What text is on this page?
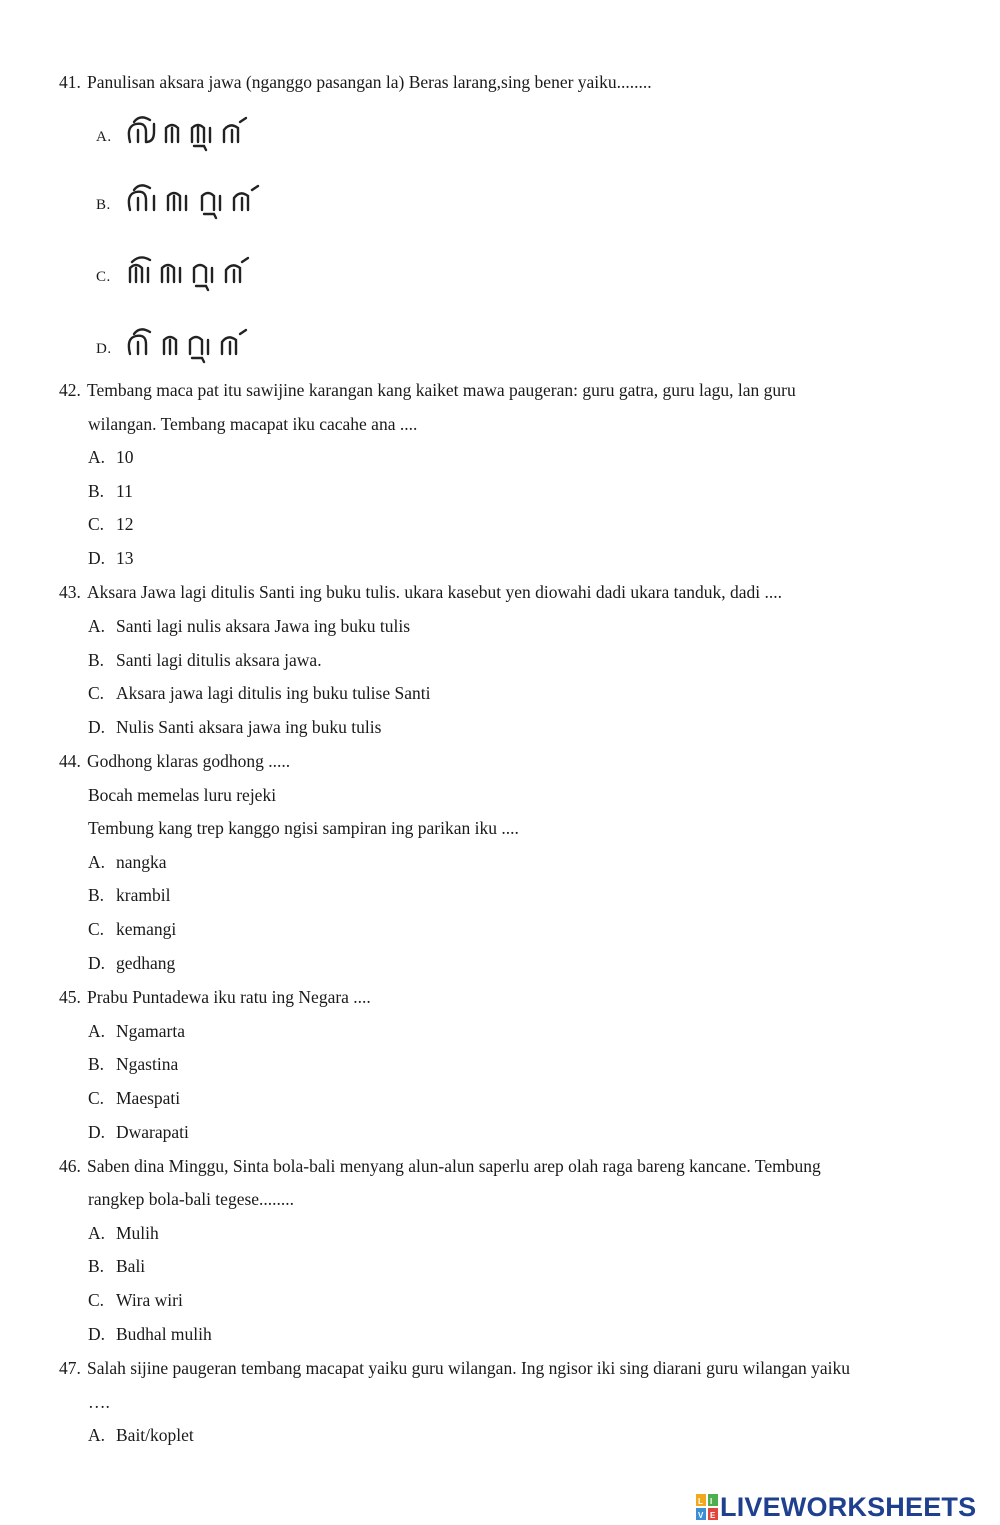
41. Panulisan aksara jawa (nganggo pasangan la) Beras larang,sing bener yaiku........
A.
B.
C.
D.
42. Tembang maca pat itu sawijine karangan kang kaiket mawa paugeran: guru gatra, guru lagu, lan guru
wilangan. Tembang macapat iku cacahe ana ....
A. 10
B. 11
C. 12
D. 13
43. Aksara Jawa lagi ditulis Santi ing buku tulis. ukara kasebut yen diowahi dadi ukara tanduk, dadi ....
A. Santi lagi nulis aksara Jawa ing buku tulis
B. Santi lagi ditulis aksara jawa.
C. Aksara jawa lagi ditulis ing buku tulise Santi
D. Nulis Santi aksara jawa ing buku tulis
44. Godhong klaras godhong .....
Bocah memelas luru rejeki
Tembung kang trep kanggo ngisi sampiran ing parikan iku ....
A. nangka
B. krambil
C. kemangi
D. gedhang
45. Prabu Puntadewa iku ratu ing Negara ....
A. Ngamarta
B. Ngastina
C. Maespati
D. Dwarapati
46. Saben dina Minggu, Sinta bola-bali menyang alun-alun saperlu arep olah raga bareng kancane. Tembung
rangkep bola-bali tegese........
A. Mulih
B. Bali
C. Wira wiri
D. Budhal mulih
47. Salah sijine paugeran tembang macapat yaiku guru wilangan. Ing ngisor iki sing diarani guru wilangan yaiku
….
A. Bait/koplet
L I
V E LIVEWORKSHEETS
